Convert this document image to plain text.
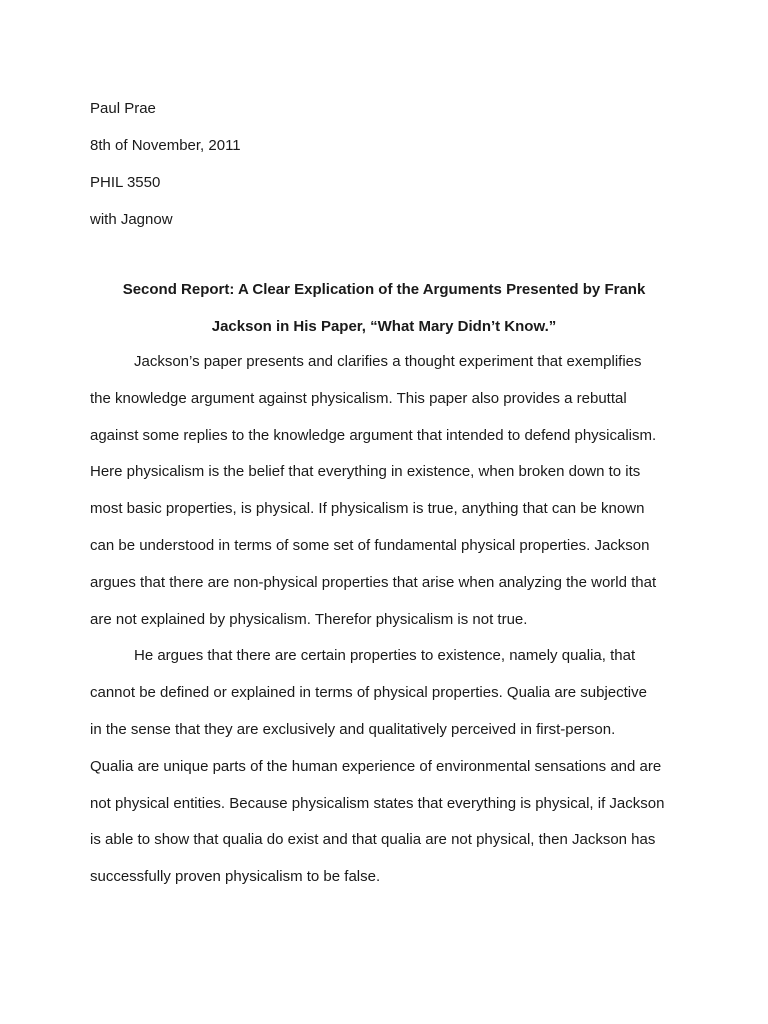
Paul Prae
8th of November, 2011
PHIL 3550
with Jagnow
Second Report: A Clear Explication of the Arguments Presented by Frank
Jackson in His Paper, “What Mary Didn’t Know.”
Jackson’s paper presents and clarifies a thought experiment that exemplifies
the knowledge argument against physicalism. This paper also provides a rebuttal
against some replies to the knowledge argument that intended to defend physicalism.
Here physicalism is the belief that everything in existence, when broken down to its
most basic properties, is physical. If physicalism is true, anything that can be known
can be understood in terms of some set of fundamental physical properties. Jackson
argues that there are non-physical properties that arise when analyzing the world that
are not explained by physicalism. Therefor physicalism is not true.
He argues that there are certain properties to existence, namely qualia, that
cannot be defined or explained in terms of physical properties. Qualia are subjective
in the sense that they are exclusively and qualitatively perceived in first-person.
Qualia are unique parts of the human experience of environmental sensations and are
not physical entities. Because physicalism states that everything is physical, if Jackson
is able to show that qualia do exist and that qualia are not physical, then Jackson has
successfully proven physicalism to be false.
